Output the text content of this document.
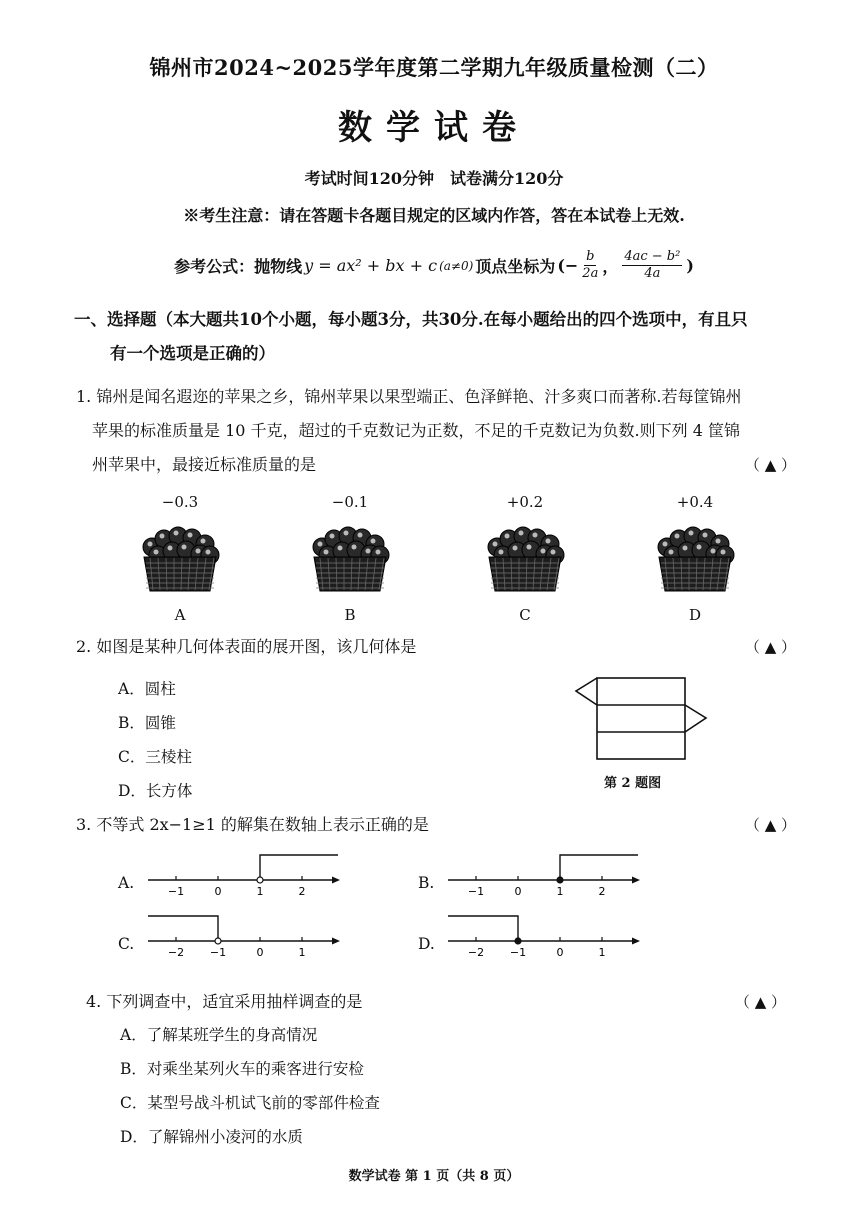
锦州市2024~2025学年度第二学期九年级质量检测（二）
数学试卷
考试时间120分钟　试卷满分120分
※考生注意：请在答题卡各题目规定的区域内作答，答在本试卷上无效.
参考公式：抛物线 y = ax² + bx + c (a≠0) 顶点坐标为 (− $\frac{b}{2a}$ ， $\frac{\text{4ac − b²}}{4a}$ )
一、选择题（本大题共10个小题，每小题3分，共30分.在每小题给出的四个选项中，有且只
有一个选项是正确的）
1. 锦州是闻名遐迩的苹果之乡，锦州苹果以果型端正、色泽鲜艳、汁多爽口而著称.若每筐锦州
苹果的标准质量是 10 千克，超过的千克数记为正数，不足的千克数记为负数.则下列 4 筐锦
州苹果中，最接近标准质量的是	（ ▲ ）
−0.3
A
−0.1
B
+0.2
C
+0.4
D
2. 如图是某种几何体表面的展开图，该几何体是	（ ▲ ）
A．圆柱
B．圆锥
C．三棱柱
D．长方体	第 2 题图
3. 不等式 2x−1≥1 的解集在数轴上表示正确的是	（ ▲ ）
A.	−1	0	1	2	B.	−1	0	1	2
C.	−2 −1	0	1	D.	−2 −1	0	1
4. 下列调查中，适宜采用抽样调查的是	（ ▲ ）
A．了解某班学生的身高情况
B．对乘坐某列火车的乘客进行安检
C．某型号战斗机试飞前的零部件检查
D．了解锦州小凌河的水质
数学试卷 第 1 页（共 8 页）
